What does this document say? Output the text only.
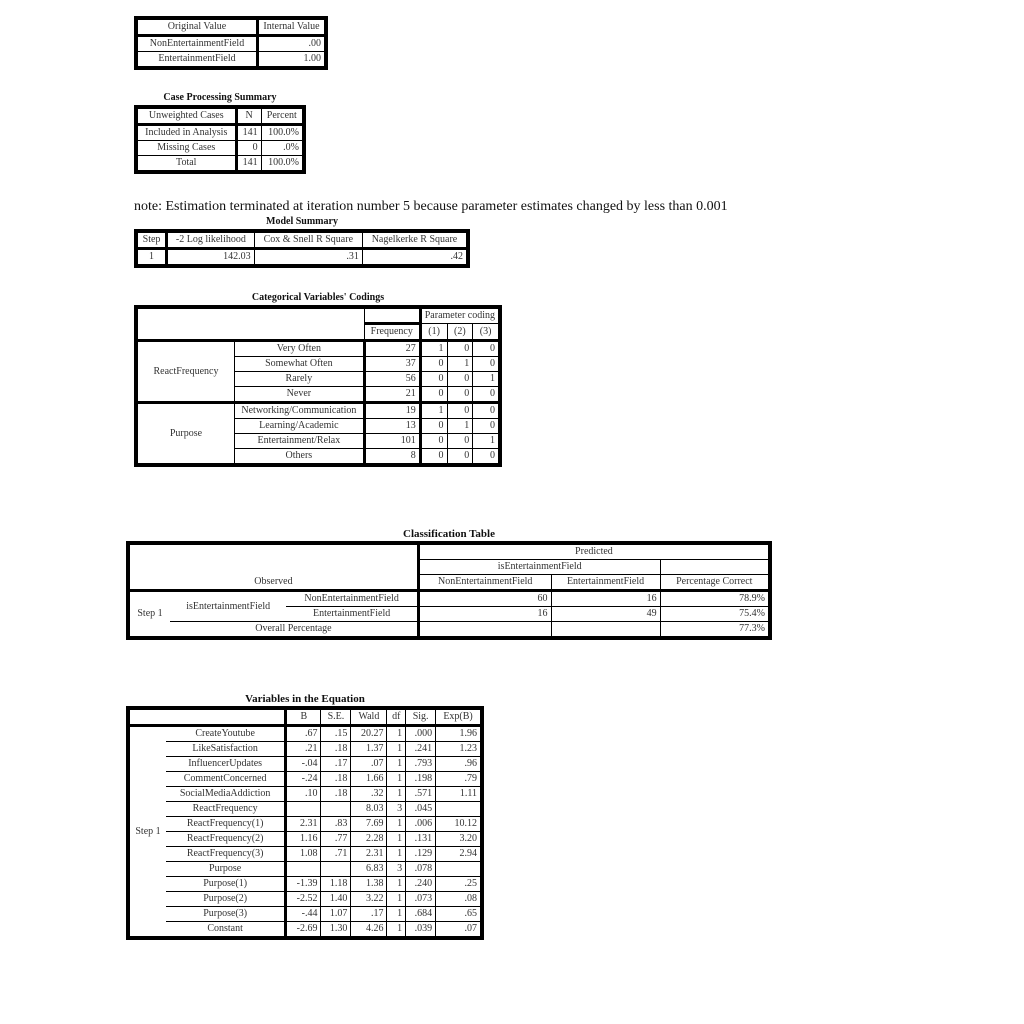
Original Value	Internal Value
NonEntertainmentField	.00
EntertainmentField	1.00
Case Processing Summary
Unweighted Cases	N	Percent
Included in Analysis	141	100.0%
Missing Cases	0	.0%
Total	141	100.0%
note: Estimation terminated at iteration number 5 because parameter estimates changed by less than 0.001
Model Summary
Step	-2 Log likelihood	Cox & Snell R Square	Nagelkerke R Square
1	142.03	.31	.42
Categorical Variables' Codings
			Parameter coding		
		Frequency	(1)	(2)	(3)
ReactFrequency	Very Often	27	1	0	0
	Somewhat Often	37	0	1	0
	Rarely	56	0	0	1
	Never	21	0	0	0
Purpose	Networking/Communication	19	1	0	0
	Learning/Academic	13	0	1	0
	Entertainment/Relax	101	0	0	1
	Others	8	0	0	0
Classification Table
			Predicted		
			isEntertainmentField		
Observed			NonEntertainmentField	EntertainmentField	Percentage Correct
Step 1	isEntertainmentField	NonEntertainmentField	60	16	78.9%
		EntertainmentField	16	49	75.4%
	Overall Percentage				77.3%
Variables in the Equation
		B	S.E.	Wald	df	Sig.	Exp(B)
Step 1	CreateYoutube	.67	.15	20.27	1	.000	1.96
	LikeSatisfaction	.21	.18	1.37	1	.241	1.23
	InfluencerUpdates	-.04	.17	.07	1	.793	.96
	CommentConcerned	-.24	.18	1.66	1	.198	.79
	SocialMediaAddiction	.10	.18	.32	1	.571	1.11
	ReactFrequency			8.03	3	.045	
	ReactFrequency(1)	2.31	.83	7.69	1	.006	10.12
	ReactFrequency(2)	1.16	.77	2.28	1	.131	3.20
	ReactFrequency(3)	1.08	.71	2.31	1	.129	2.94
	Purpose			6.83	3	.078	
	Purpose(1)	-1.39	1.18	1.38	1	.240	.25
	Purpose(2)	-2.52	1.40	3.22	1	.073	.08
	Purpose(3)	-.44	1.07	.17	1	.684	.65
	Constant	-2.69	1.30	4.26	1	.039	.07
